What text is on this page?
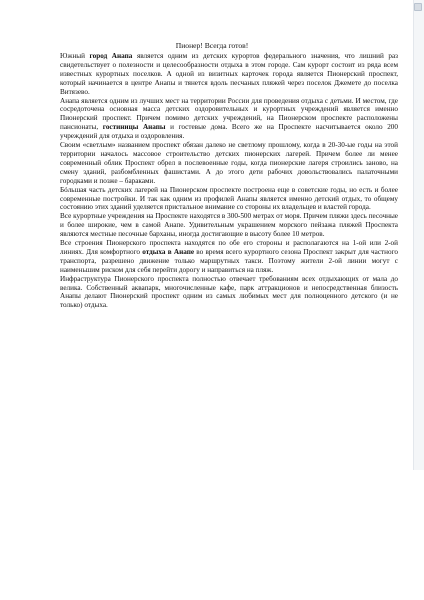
Пионер! Всегда готов!

Южный город Анапа является одним из детских курортов федерального значения, что лишний раз свидетельствует о полезности и целесообразности отдыха в этом городе. Сам курорт состоит из ряда всем известных курортных поселков. А одной из визитных карточек города является Пионерский проспект, который начинается в центре Анапы и тянется вдоль песчаных пляжей через поселок Джемете до поселка Витязево.

Анапа является одним из лучших мест на территории России для проведения отдыха с детьми. И местом, где сосредоточена основная масса детских оздоровительных и курортных учреждений является именно Пионерский проспект. Причем помимо детских учреждений, на Пионерском проспекте расположены пансионаты, гостиницы Анапы и гостевые дома. Всего же на Проспекте насчитывается около 200 учреждений для отдыха и оздоровления.

Своим «светлым» названием проспект обязан далеко не светлому прошлому, когда в 20-30-ые годы на этой территории началось массовое строительство детских пионерских лагерей. Причем более ли менее современный облик Проспект обрел в послевоенные годы, когда пионерские лагеря строились заново, на смену зданий, разбомбленных фашистами. А до этого дети рабочих довольствовались палаточными городками и позже – бараками.

Бóльшая часть детских лагерей на Пионерском проспекте построена еще в советские годы, но есть и более современные постройки. И так как одним из профилей Анапы является именно детский отдых, то общему состоянию этих зданий уделяется пристальное внимание со стороны их владельцев и властей города.

Все курортные учреждения на Проспекте находятся в 300-500 метрах от моря. Причем пляжи здесь песочные и более широкие, чем в самой Анапе. Удивительным украшением морского пейзажа пляжей Проспекта являются местные песочные барханы, иногда достигающие в высоту более 10 метров.

Все строения Пионерского проспекта находятся по обе его стороны и располагаются на 1-ой или 2-ой линиях. Для комфортного отдыха в Анапе во время всего курортного сезона Проспект закрыт для частного транспорта, разрешено движение только маршрутных такси. Поэтому жители 2-ой линии могут с наименьшим риском для себя перейти дорогу и направиться на пляж.

Инфраструктура Пионерского проспекта полностью отвечает требованиям всех отдыхающих от мала до велика. Собственный аквапарк, многочисленные кафе, парк аттракционов и непосредственная близость Анапы делают Пионерский проспект одним из самых любимых мест для полноценного детского (и не только) отдыха.
